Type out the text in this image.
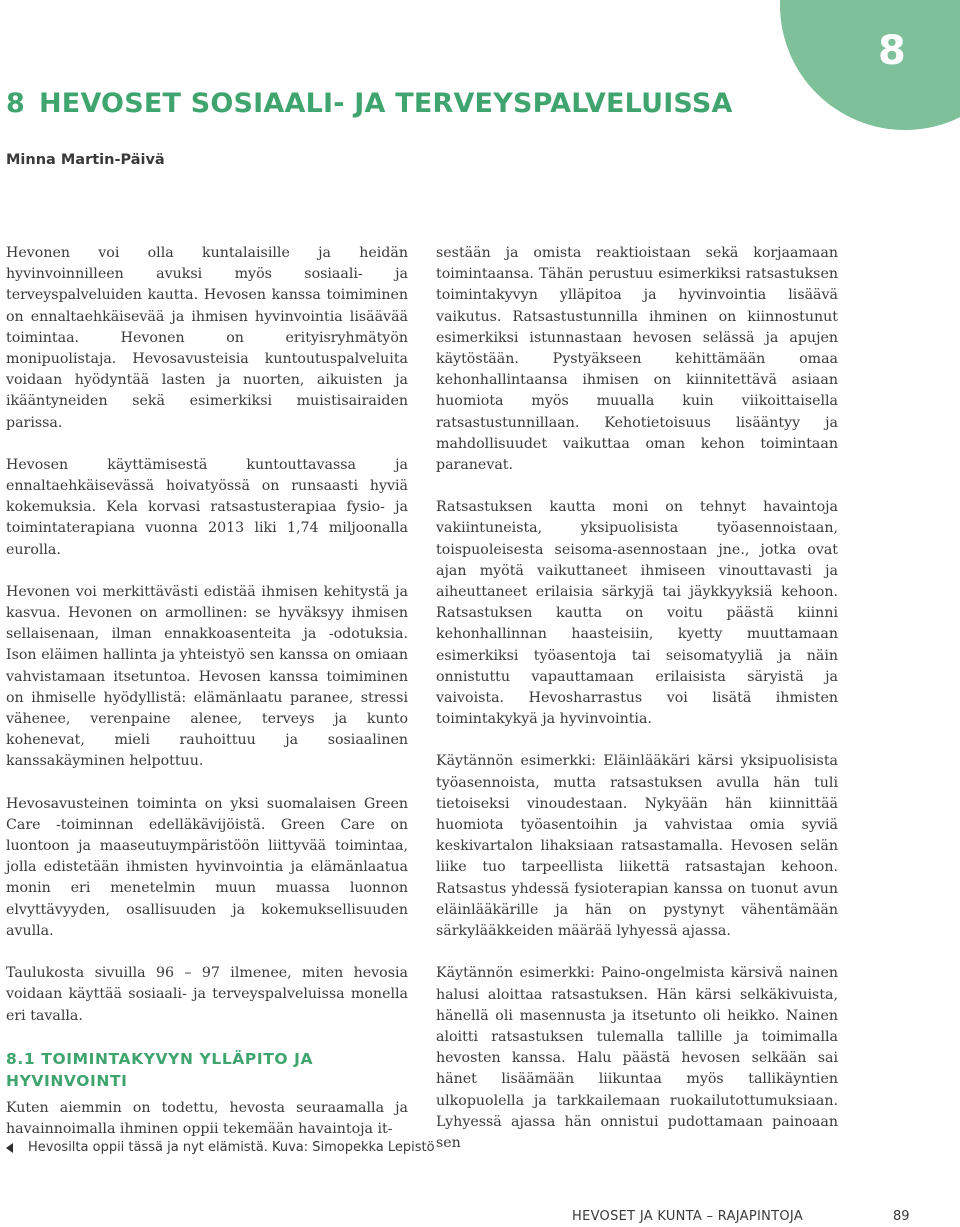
8
8 HEVOSET SOSIAALI- JA TERVEYSPALVELUISSA
Minna Martin-Päivä

Hevonen voi olla kuntalaisille ja heidän hyvinvoinnilleen avuksi myös sosiaali- ja terveyspalveluiden kautta. Hevosen kanssa toimiminen on ennaltaehkäisevää ja ihmisen hyvinvointia lisäävää toimintaa. Hevonen on erityisryhmätyön monipuolistaja. Hevosavusteisia kuntoutuspalveluita voidaan hyödyntää lasten ja nuorten, aikuisten ja ikääntyneiden sekä esimerkiksi muistisairaiden parissa.

Hevosen käyttämisestä kuntouttavassa ja ennaltaehkäisevässä hoivatyössä on runsaasti hyviä kokemuksia. Kela korvasi ratsastusterapiaa fysio- ja toimintaterapiana vuonna 2013 liki 1,74 miljoonalla eurolla.

Hevonen voi merkittävästi edistää ihmisen kehitystä ja kasvua. Hevonen on armollinen: se hyväksyy ihmisen sellaisenaan, ilman ennakkoasenteita ja -odotuksia. Ison eläimen hallinta ja yhteistyö sen kanssa on omiaan vahvistamaan itsetuntoa. Hevosen kanssa toimiminen on ihmiselle hyödyllistä: elämänlaatu paranee, stressi vähenee, verenpaine alenee, terveys ja kunto kohenevat, mieli rauhoittuu ja sosiaalinen kanssakäyminen helpottuu.

Hevosavusteinen toiminta on yksi suomalaisen Green Care -toiminnan edelläkävijöistä. Green Care on luontoon ja maaseutuympäristöön liittyvää toimintaa, jolla edistetään ihmisten hyvinvointia ja elämänlaatua monin eri menetelmin muun muassa luonnon elvyttävyyden, osallisuuden ja kokemuksellisuuden avulla.

Taulukosta sivuilla 96 – 97 ilmenee, miten hevosia voidaan käyttää sosiaali- ja terveyspalveluissa monella eri tavalla.

8.1 TOIMINTAKYVYN YLLÄPITO JA HYVINVOINTI

Kuten aiemmin on todettu, hevosta seuraamalla ja havainnoimalla ihminen oppii tekemään havaintoja it-

sestään ja omista reaktioistaan sekä korjaamaan toimintaansa. Tähän perustuu esimerkiksi ratsastuksen toimintakyvyn ylläpitoa ja hyvinvointia lisäävä vaikutus. Ratsastustunnilla ihminen on kiinnostunut esimerkiksi istunnastaan hevosen selässä ja apujen käytöstään. Pystyäkseen kehittämään omaa kehonhallintaansa ihmisen on kiinnitettävä asiaan huomiota myös muualla kuin viikoittaisella ratsastustunnillaan. Kehotietoisuus lisääntyy ja mahdollisuudet vaikuttaa oman kehon toimintaan paranevat.

Ratsastuksen kautta moni on tehnyt havaintoja vakiintuneista, yksipuolisista työasennoistaan, toispuoleisesta seisoma-asennostaan jne., jotka ovat ajan myötä vaikuttaneet ihmiseen vinouttavasti ja aiheuttaneet erilaisia särkyjä tai jäykkyyksiä kehoon. Ratsastuksen kautta on voitu päästä kiinni kehonhallinnan haasteisiin, kyetty muuttamaan esimerkiksi työasentoja tai seisomatyyliä ja näin onnistuttu vapauttamaan erilaisista säryistä ja vaivoista. Hevosharrastus voi lisätä ihmisten toimintakykyä ja hyvinvointia.

Käytännön esimerkki: Eläinlääkäri kärsi yksipuolisista työasennoista, mutta ratsastuksen avulla hän tuli tietoiseksi vinoudestaan. Nykyään hän kiinnittää huomiota työasentoihin ja vahvistaa omia syviä keskivartalon lihaksiaan ratsastamalla. Hevosen selän liike tuo tarpeellista liikettä ratsastajan kehoon. Ratsastus yhdessä fysioterapian kanssa on tuonut avun eläinlääkärille ja hän on pystynyt vähentämään särkylääkkeiden määrää lyhyessä ajassa.

Käytännön esimerkki: Paino-ongelmista kärsivä nainen halusi aloittaa ratsastuksen. Hän kärsi selkäkivuista, hänellä oli masennusta ja itsetunto oli heikko. Nainen aloitti ratsastuksen tulemalla tallille ja toimimalla hevosten kanssa. Halu päästä hevosen selkään sai hänet lisäämään liikuntaa myös tallikäyntien ulkopuolella ja tarkkailemaan ruokailutottumuksiaan. Lyhyessä ajassa hän onnistui pudottamaan painoaan sen

Hevosilta oppii tässä ja nyt elämistä. Kuva: Simopekka Lepistö
HEVOSET JA KUNTA – RAJAPINTOJA	89
